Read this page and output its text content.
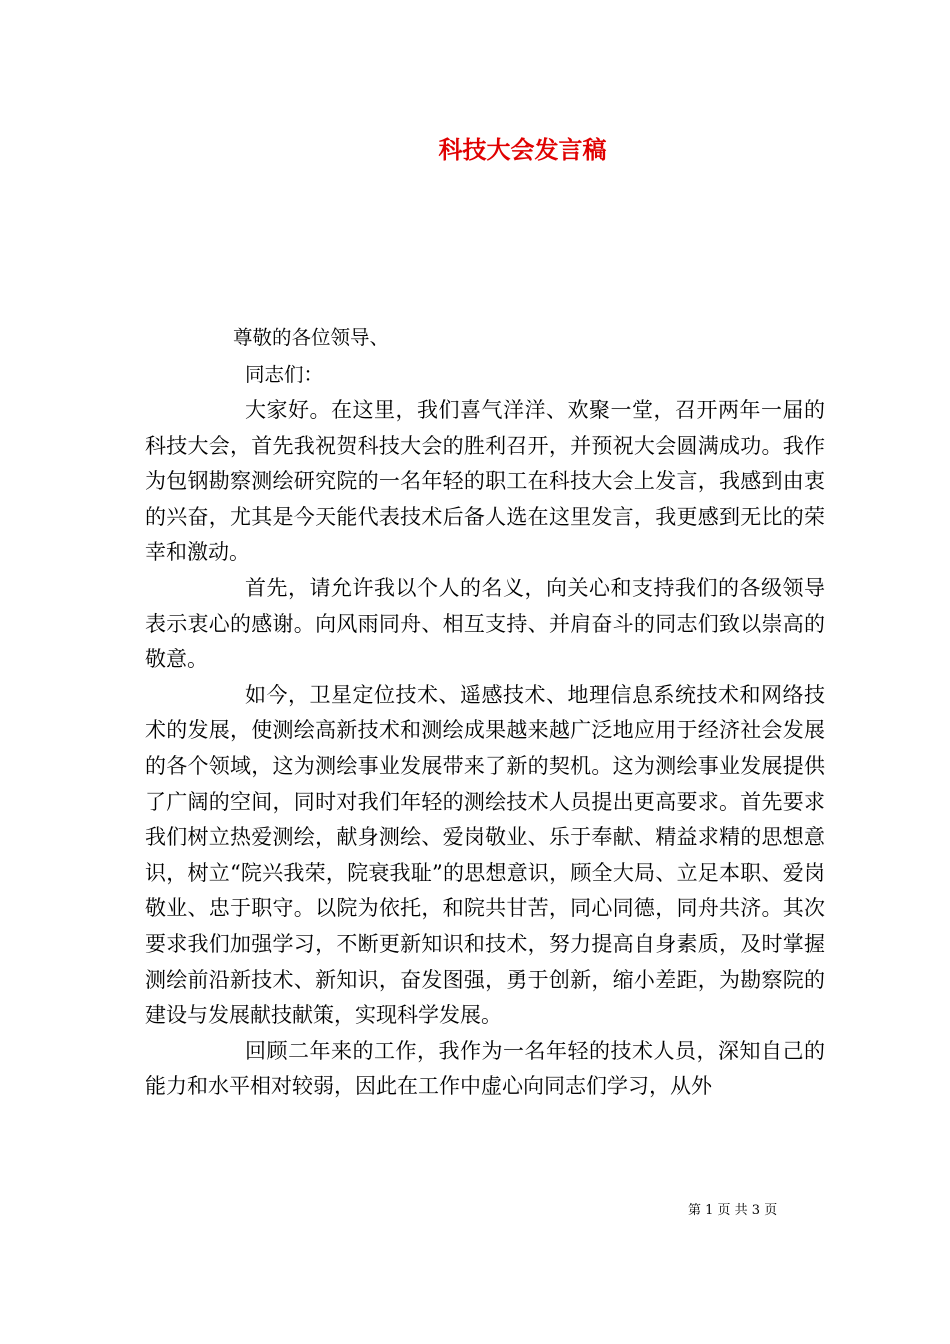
科技大会发言稿
尊敬的各位领导、
同志们：

大家好。在这里，我们喜气洋洋、欢聚一堂，召开两年一届的科技大会，首先我祝贺科技大会的胜利召开，并预祝大会圆满成功。我作为包钢勘察测绘研究院的一名年轻的职工在科技大会上发言，我感到由衷的兴奋，尤其是今天能代表技术后备人选在这里发言，我更感到无比的荣幸和激动。

首先，请允许我以个人的名义，向关心和支持我们的各级领导表示衷心的感谢。向风雨同舟、相互支持、并肩奋斗的同志们致以崇高的敬意。

如今，卫星定位技术、遥感技术、地理信息系统技术和网络技术的发展，使测绘高新技术和测绘成果越来越广泛地应用于经济社会发展的各个领域，这为测绘事业发展带来了新的契机。这为测绘事业发展提供了广阔的空间，同时对我们年轻的测绘技术人员提出更高要求。首先要求我们树立热爱测绘，献身测绘、爱岗敬业、乐于奉献、精益求精的思想意识，树立“院兴我荣，院衰我耻”的思想意识，顾全大局、立足本职、爱岗敬业、忠于职守。以院为依托，和院共甘苦，同心同德，同舟共济。其次要求我们加强学习，不断更新知识和技术，努力提高自身素质，及时掌握测绘前沿新技术、新知识，奋发图强，勇于创新，缩小差距，为勘察院的建设与发展献技献策，实现科学发展。

回顾二年来的工作，我作为一名年轻的技术人员，深知自己的能力和水平相对较弱，因此在工作中虚心向同志们学习，从外

第 1 页 共 3 页
